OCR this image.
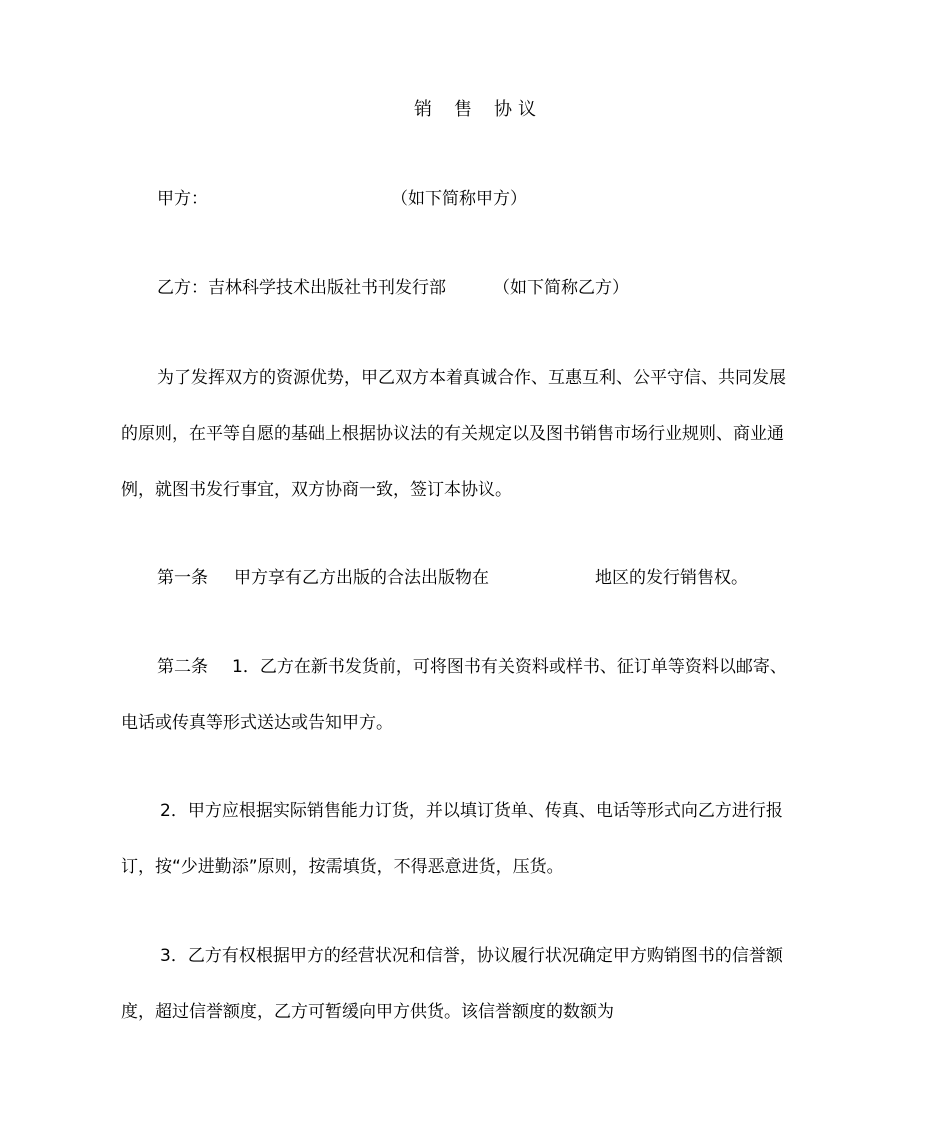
销 售 协 议
甲方：	（如下简称甲方）
乙方：吉林科学技术出版社书刊发行部	（如下简称乙方）
为了发挥双方的资源优势，甲乙双方本着真诚合作、互惠互利、公平守信、共同发展
的原则，在平等自愿的基础上根据协议法的有关规定以及图书销售市场行业规则、商业通
例，就图书发行事宜，双方协商一致，签订本协议。
第一条 甲方享有乙方出版的合法出版物在	地区的发行销售权。
第二条 1．乙方在新书发货前，可将图书有关资料或样书、征订单等资料以邮寄、
电话或传真等形式送达或告知甲方。
2．甲方应根据实际销售能力订货，并以填订货单、传真、电话等形式向乙方进行报
订，按“少进勤添”原则，按需填货，不得恶意进货，压货。
3．乙方有权根据甲方的经营状况和信誉，协议履行状况确定甲方购销图书的信誉额
度，超过信誉额度，乙方可暂缓向甲方供货。该信誉额度的数额为
